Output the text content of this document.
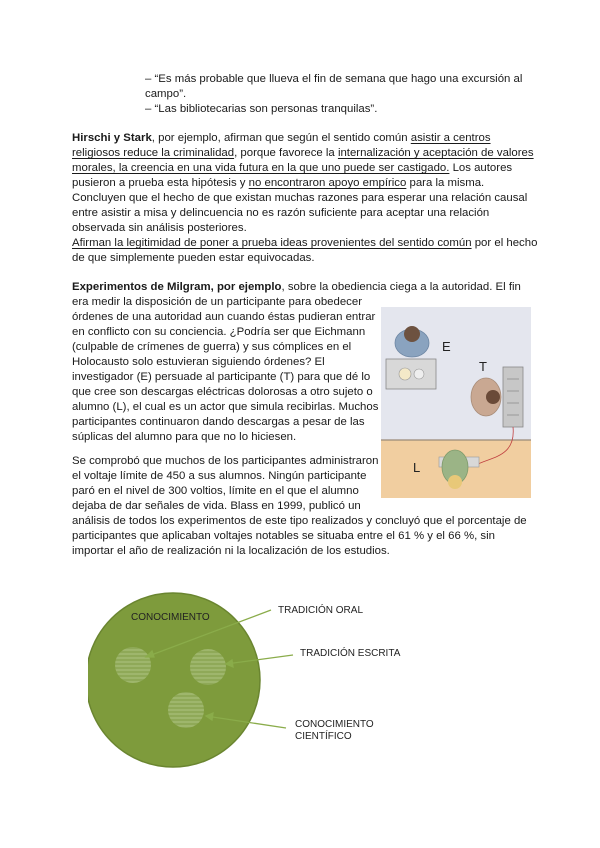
– “Es más probable que llueva el fin de semana que hago una excursión al
campo”.
– “Las bibliotecarias son personas tranquilas”.
Hirschi y Stark, por ejemplo, afirman que según el sentido común asistir a centros
religiosos reduce la criminalidad, porque favorece la internalización y aceptación de valores
morales, la creencia en una vida futura en la que uno puede ser castigado. Los autores
pusieron a prueba esta hipótesis y no encontraron apoyo empírico para la misma.
Concluyen que el hecho de que existan muchas razones para esperar una relación causal
entre asistir a misa y delincuencia no es razón suficiente para aceptar una relación
observada sin análisis posteriores.
Afirman la legitimidad de poner a prueba ideas provenientes del sentido común por el hecho
de que simplemente pueden estar equivocadas.
Experimentos de Milgram, por ejemplo, sobre la obediencia ciega a la autoridad. El fin
era medir la disposición de un participante para obedecer
órdenes de una autoridad aun cuando éstas pudieran entrar
en conflicto con su conciencia. ¿Podría ser que Eichmann
(culpable de crímenes de guerra) y sus cómplices en el
Holocausto solo estuvieran siguiendo órdenes? El
investigador (E) persuade al participante (T) para que dé lo
que cree son descargas eléctricas dolorosas a otro sujeto o
alumno (L), el cual es un actor que simula recibirlas. Muchos
participantes continuaron dando descargas a pesar de las
súplicas del alumno para que no lo hiciesen.
Se comprobó que muchos de los participantes administraron
el voltaje límite de 450 a sus alumnos. Ningún participante
paró en el nivel de 300 voltios, límite en el que el alumno
dejaba de dar señales de vida. Blass en 1999, publicó un
análisis de todos los experimentos de este tipo realizados y concluyó que el porcentaje de
participantes que aplicaban voltajes notables se situaba entre el 61 % y el 66 %, sin
importar el año de realización ni la localización de los estudios.
E
T
L
CONOCIMIENTO
TRADICIÓN ORAL
TRADICIÓN ESCRITA
CONOCIMIENTO
CIENTÍFICO
